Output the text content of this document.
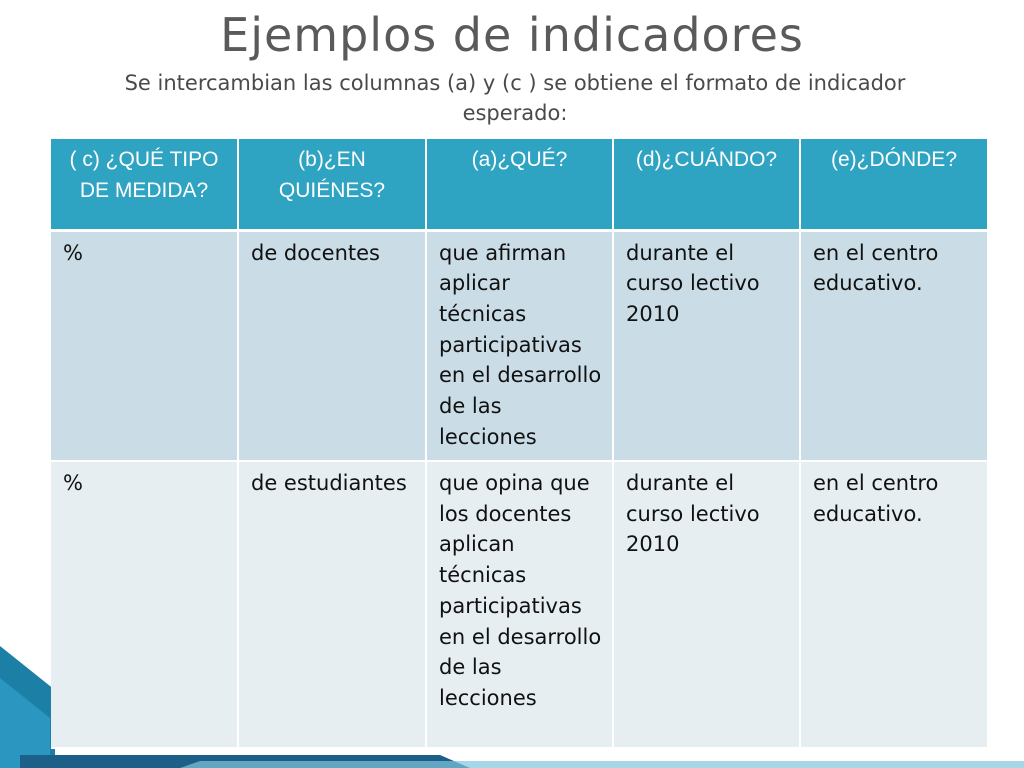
Ejemplos de indicadores
Se intercambian las columnas (a) y (c ) se obtiene el formato de indicador esperado:
( c) ¿QUÉ TIPO DE MEDIDA?	(b)¿EN QUIÉNES?	(a)¿QUÉ?	(d)¿CUÁNDO?	(e)¿DÓNDE?
%	de docentes	que afirman aplicar técnicas participativas en el desarrollo de las lecciones	durante el curso lectivo 2010	en el centro educativo.
%	de estudiantes	que opina que los docentes aplican técnicas participativas en el desarrollo de las lecciones	durante el curso lectivo 2010	en el centro educativo.
